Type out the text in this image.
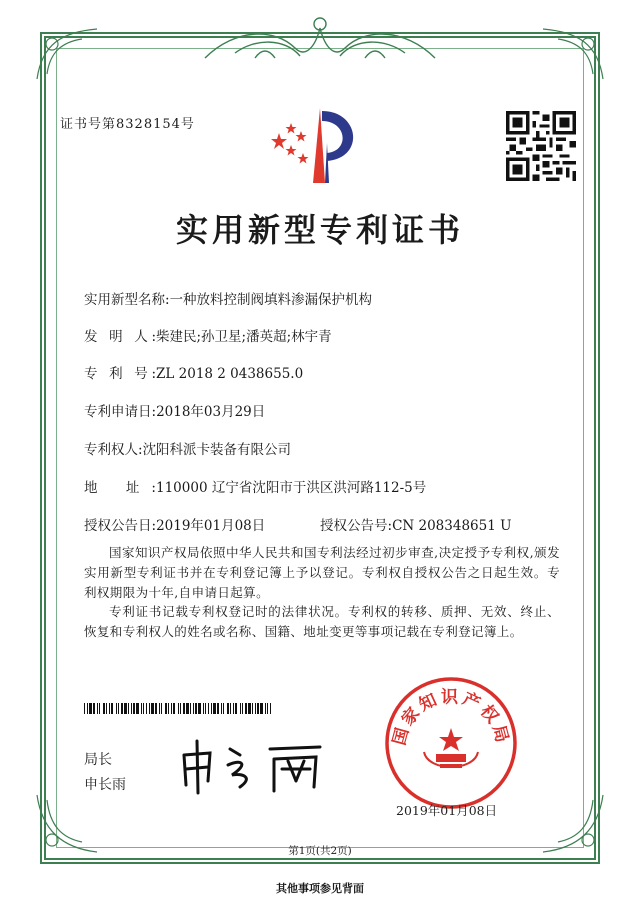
证书号第8328154号
实用新型专利证书
实用新型名称:一种放料控制阀填料渗漏保护机构
发 明 人:柴建民;孙卫星;潘英超;林宇青
专 利 号:ZL 2018 2 0438655.0
专利申请日:2018年03月29日
专利权人:沈阳科派卡装备有限公司
地 址:110000 辽宁省沈阳市于洪区洪河路112-5号
授权公告日:2019年01月08日	授权公告号:CN 208348651 U
国家知识产权局依照中华人民共和国专利法经过初步审查,决定授予专利权,颁发实用新型专利证书并在专利登记簿上予以登记。专利权自授权公告之日起生效。专利权期限为十年,自申请日起算。
专利证书记载专利权登记时的法律状况。专利权的转移、质押、无效、终止、恢复和专利权人的姓名或名称、国籍、地址变更等事项记载在专利登记簿上。
局长
申长雨
国家知识产权局
2019年01月08日
第1页(共2页)
其他事项参见背面
